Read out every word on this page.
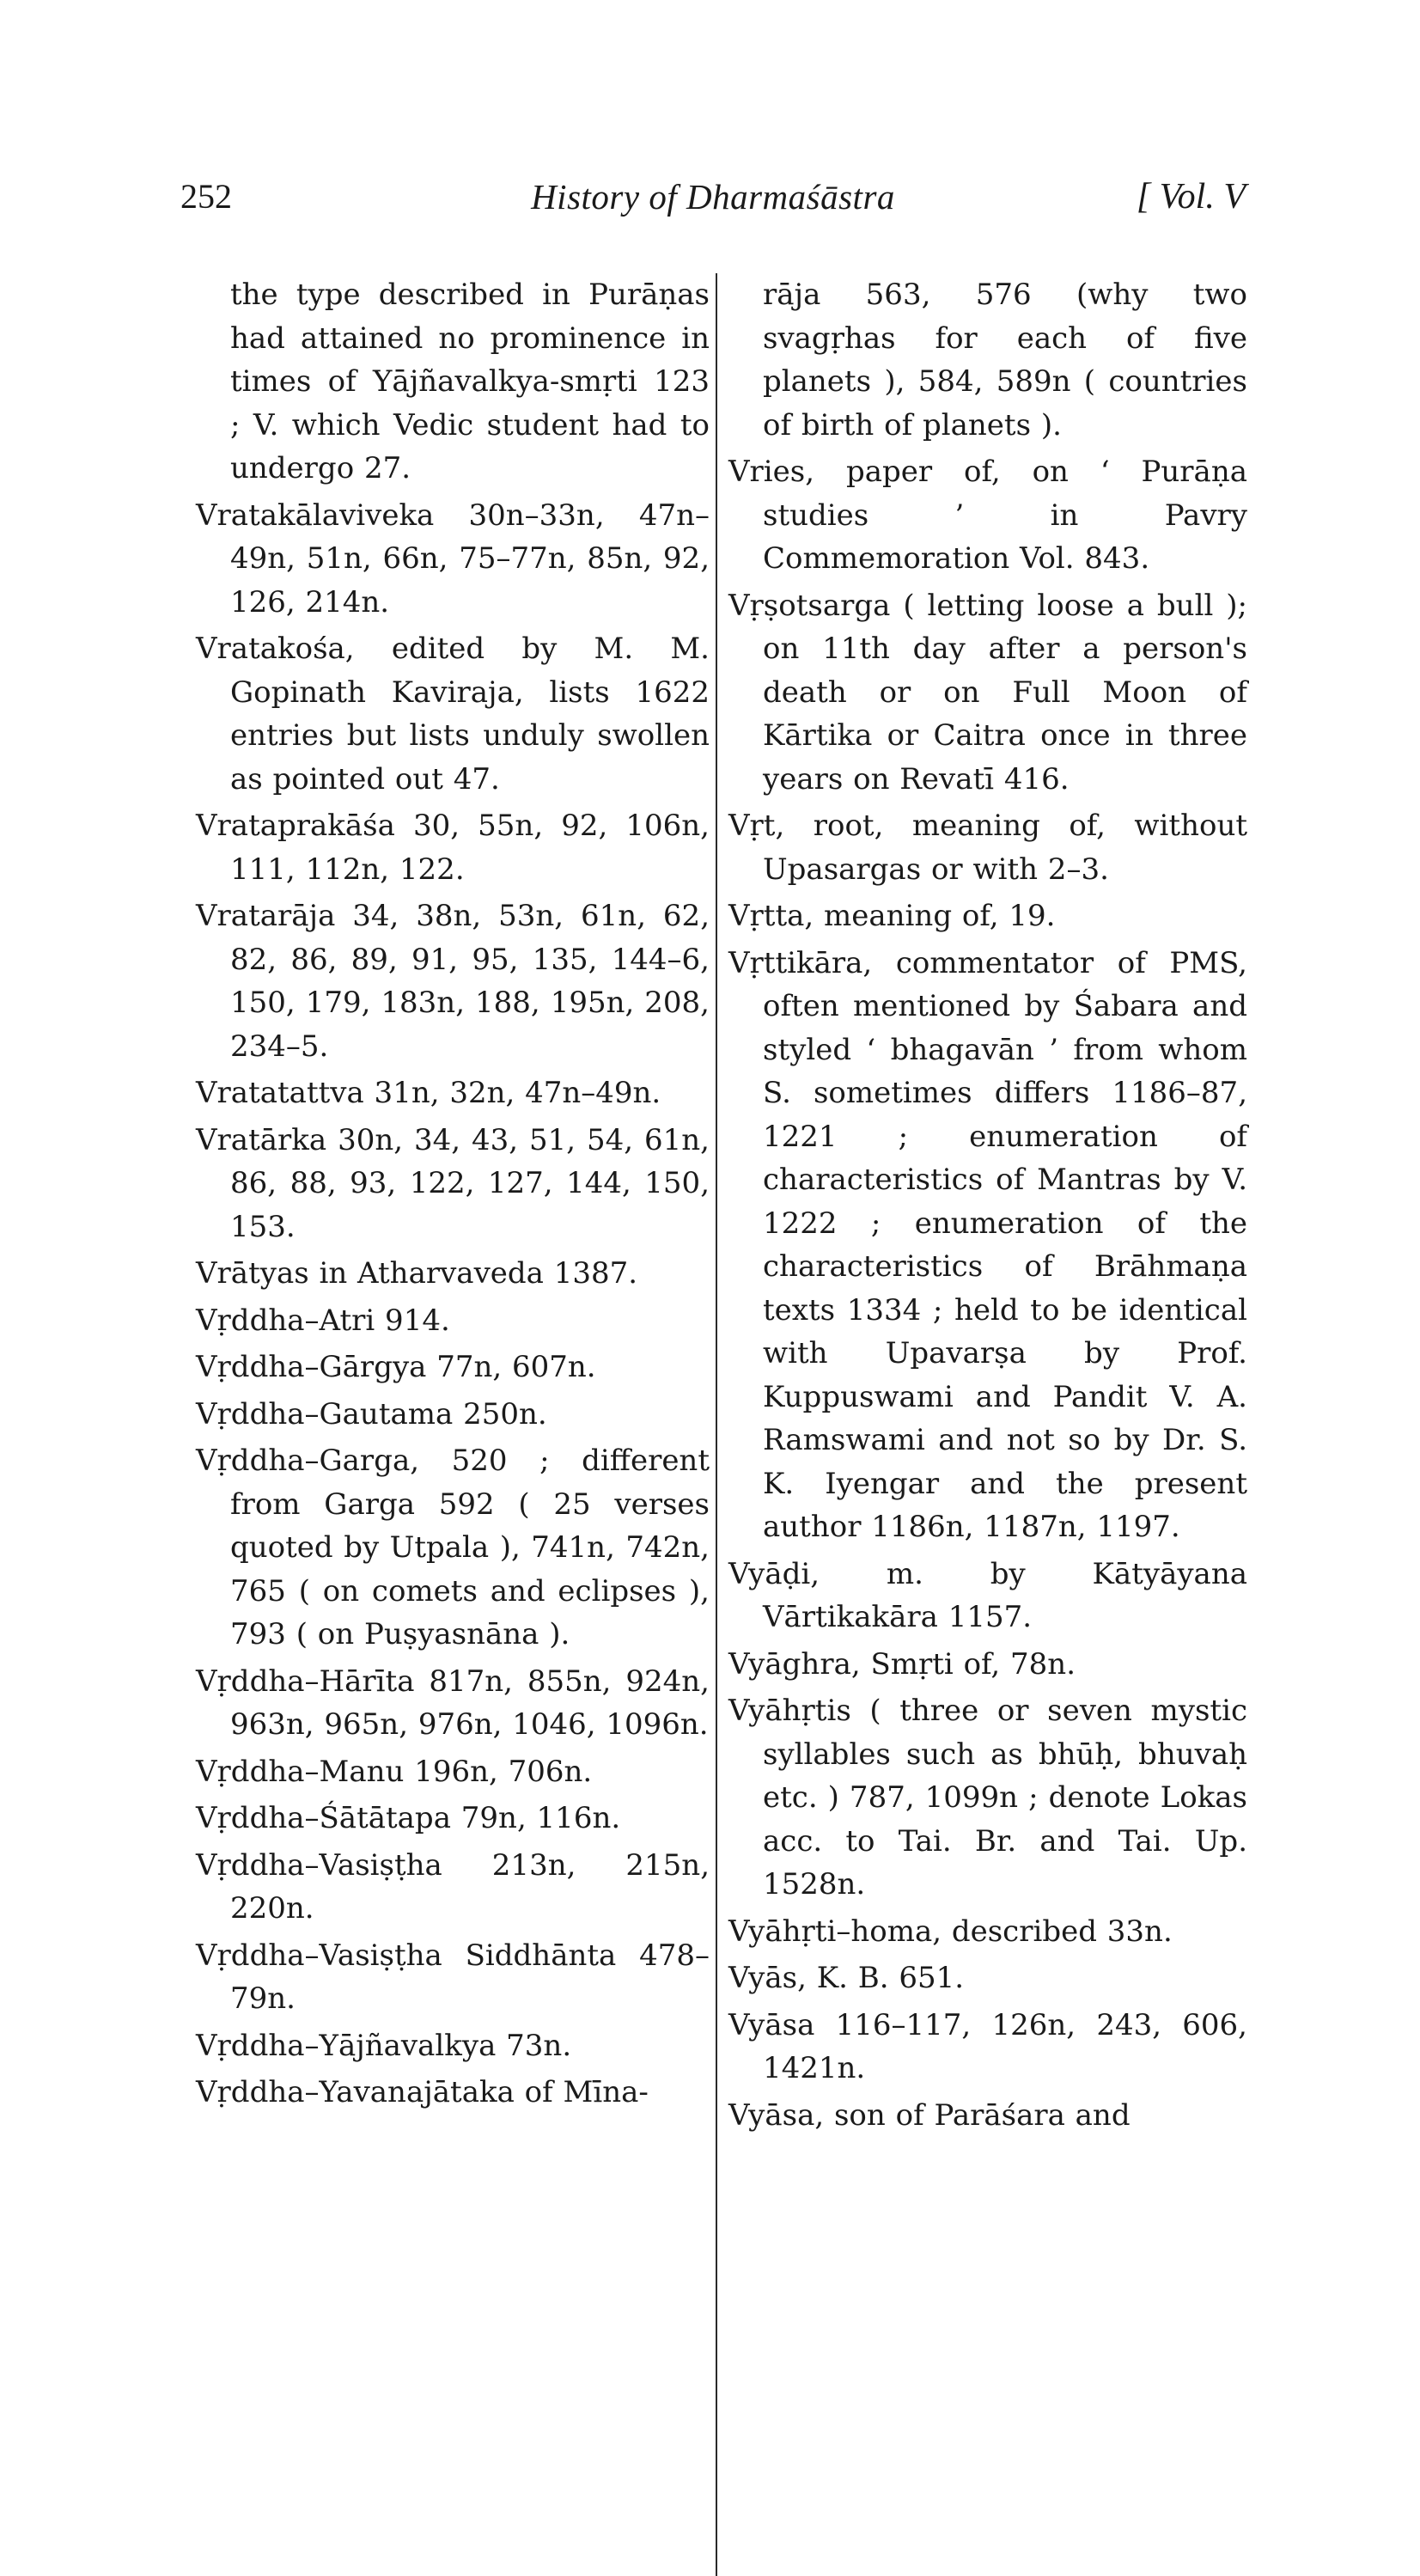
252	History of Dharmaśāstra	[ Vol. V

the type described in Purāṇas had attained no prominence in times of Yājñavalkya-smṛti 123 ; V. which Vedic student had to undergo 27.

Vratakālaviveka 30n–33n, 47n–49n, 51n, 66n, 75–77n, 85n, 92, 126, 214n.

Vratakośa, edited by M. M. Gopinath Kaviraja, lists 1622 entries but lists unduly swollen as pointed out 47.

Vrataprakāśa 30, 55n, 92, 106n, 111, 112n, 122.

Vratarāja 34, 38n, 53n, 61n, 62, 82, 86, 89, 91, 95, 135, 144–6, 150, 179, 183n, 188, 195n, 208, 234–5.

Vratatattva 31n, 32n, 47n–49n.

Vratārka 30n, 34, 43, 51, 54, 61n, 86, 88, 93, 122, 127, 144, 150, 153.

Vrātyas in Atharvaveda 1387.

Vṛddha–Atri 914.

Vṛddha–Gārgya 77n, 607n.

Vṛddha–Gautama 250n.

Vṛddha–Garga, 520 ; different from Garga 592 ( 25 verses quoted by Utpala ), 741n, 742n, 765 ( on comets and eclipses ), 793 ( on Puṣyasnāna ).

Vṛddha–Hārīta 817n, 855n, 924n, 963n, 965n, 976n, 1046, 1096n.

Vṛddha–Manu 196n, 706n.

Vṛddha–Śātātapa 79n, 116n.

Vṛddha–Vasiṣṭha 213n, 215n, 220n.

Vṛddha–Vasiṣṭha Siddhānta 478–79n.

Vṛddha–Yājñavalkya 73n.

Vṛddha–Yavanajātaka of Mīna-

rāja 563, 576 (why two svagṛhas for each of five planets ), 584, 589n ( countries of birth of planets ).

Vries, paper of, on ‘ Purāṇa studies ’ in Pavry Commemoration Vol. 843.

Vṛṣotsarga ( letting loose a bull ); on 11th day after a person's death or on Full Moon of Kārtika or Caitra once in three years on Revatī 416.

Vṛt, root, meaning of, without Upasargas or with 2–3.

Vṛtta, meaning of, 19.

Vṛttikāra, commentator of PMS, often mentioned by Śabara and styled ‘ bhagavān ’ from whom S. sometimes differs 1186–87, 1221 ; enumeration of characteristics of Mantras by V. 1222 ; enumeration of the characteristics of Brāhmaṇa texts 1334 ; held to be identical with Upavarṣa by Prof. Kuppuswami and Pandit V. A. Ramswami and not so by Dr. S. K. Iyengar and the present author 1186n, 1187n, 1197.

Vyāḍi, m. by Kātyāyana Vārtikakāra 1157.

Vyāghra, Smṛti of, 78n.

Vyāhṛtis ( three or seven mystic syllables such as bhūḥ, bhuvaḥ etc. ) 787, 1099n ; denote Lokas acc. to Tai. Br. and Tai. Up. 1528n.

Vyāhṛti–homa, described 33n.

Vyās, K. B. 651.

Vyāsa 116–117, 126n, 243, 606, 1421n.

Vyāsa, son of Parāśara and
